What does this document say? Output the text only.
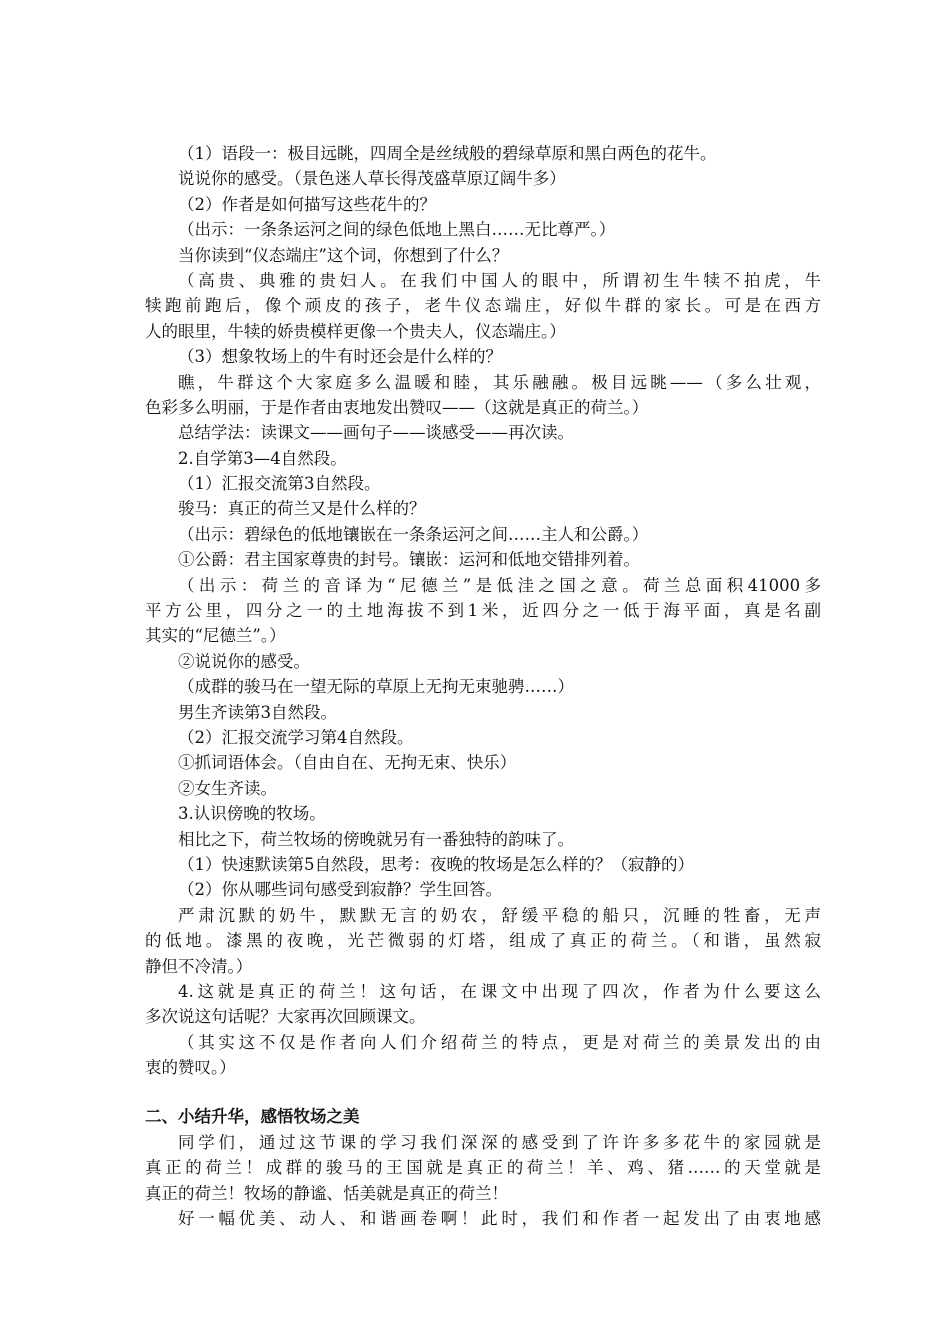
（1）语段一：极目远眺，四周全是丝绒般的碧绿草原和黑白两色的花牛。
说说你的感受。（景色迷人草长得茂盛草原辽阔牛多）
（2）作者是如何描写这些花牛的？
（出示：一条条运河之间的绿色低地上黑白……无比尊严。）
当你读到“仪态端庄”这个词，你想到了什么？
（高贵、典雅的贵妇人。在我们中国人的眼中，所谓初生牛犊不拍虎，牛
犊跑前跑后，像个顽皮的孩子，老牛仪态端庄，好似牛群的家长。可是在西方
人的眼里，牛犊的娇贵模样更像一个贵夫人，仪态端庄。）
（3）想象牧场上的牛有时还会是什么样的？
瞧，牛群这个大家庭多么温暖和睦，其乐融融。极目远眺——（多么壮观，
色彩多么明丽，于是作者由衷地发出赞叹——（这就是真正的荷兰。）
总结学法：读课文——画句子——谈感受——再次读。
2.自学第3—4自然段。
（1）汇报交流第3自然段。
骏马：真正的荷兰又是什么样的？
（出示：碧绿色的低地镶嵌在一条条运河之间……主人和公爵。）
①公爵：君主国家尊贵的封号。镶嵌：运河和低地交错排列着。
（出示：荷兰的音译为“尼德兰”是低洼之国之意。荷兰总面积41000多
平方公里，四分之一的土地海拔不到1米，近四分之一低于海平面，真是名副
其实的“尼德兰”。）
②说说你的感受。
（成群的骏马在一望无际的草原上无拘无束驰骋……）
男生齐读第3自然段。
（2）汇报交流学习第4自然段。
①抓词语体会。（自由自在、无拘无束、快乐）
②女生齐读。
3.认识傍晚的牧场。
相比之下，荷兰牧场的傍晚就另有一番独特的韵味了。
（1）快速默读第5自然段，思考：夜晚的牧场是怎么样的？（寂静的）
（2）你从哪些词句感受到寂静？学生回答。
严肃沉默的奶牛，默默无言的奶农，舒缓平稳的船只，沉睡的牲畜，无声
的低地。漆黑的夜晚，光芒微弱的灯塔，组成了真正的荷兰。（和谐，虽然寂
静但不冷清。）
4.这就是真正的荷兰！这句话，在课文中出现了四次，作者为什么要这么
多次说这句话呢？大家再次回顾课文。
（其实这不仅是作者向人们介绍荷兰的特点，更是对荷兰的美景发出的由
衷的赞叹。）
二、小结升华，感悟牧场之美
同学们，通过这节课的学习我们深深的感受到了许许多多花牛的家园就是
真正的荷兰！成群的骏马的王国就是真正的荷兰！羊、鸡、猪……的天堂就是
真正的荷兰！牧场的静谧、恬美就是真正的荷兰！
好一幅优美、动人、和谐画卷啊！此时，我们和作者一起发出了由衷地感
